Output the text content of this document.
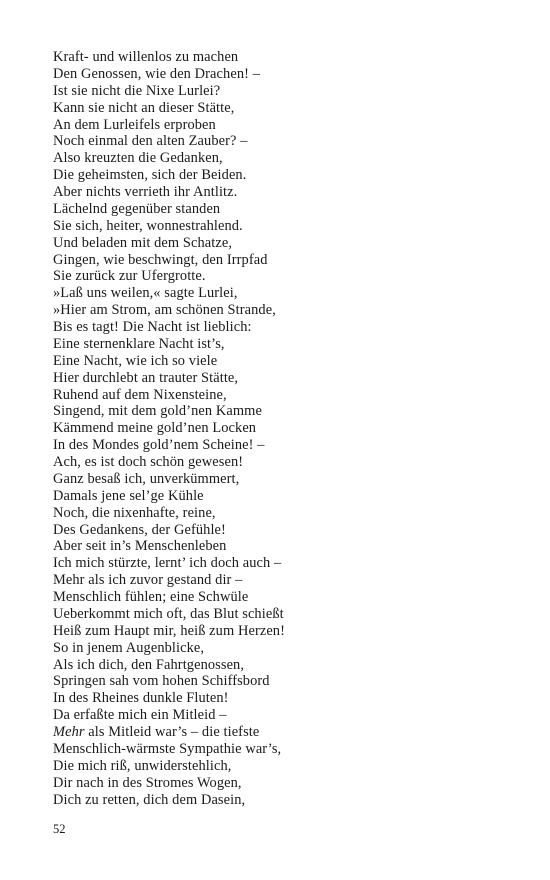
Kraft- und willenlos zu machen
Den Genossen, wie den Drachen! –
Ist sie nicht die Nixe Lurlei?
Kann sie nicht an dieser Stätte,
An dem Lurleifels erproben
Noch einmal den alten Zauber? –
Also kreuzten die Gedanken,
Die geheimsten, sich der Beiden.
Aber nichts verrieth ihr Antlitz.
Lächelnd gegenüber standen
Sie sich, heiter, wonnestrahlend.
Und beladen mit dem Schatze,
Gingen, wie beschwingt, den Irrpfad
Sie zurück zur Ufergrotte.
»Laß uns weilen,« sagte Lurlei,
»Hier am Strom, am schönen Strande,
Bis es tagt! Die Nacht ist lieblich:
Eine sternenklare Nacht ist’s,
Eine Nacht, wie ich so viele
Hier durchlebt an trauter Stätte,
Ruhend auf dem Nixensteine,
Singend, mit dem gold’nen Kamme
Kämmend meine gold’nen Locken
In des Mondes gold’nem Scheine! –
Ach, es ist doch schön gewesen!
Ganz besaß ich, unverkümmert,
Damals jene sel’ge Kühle
Noch, die nixenhafte, reine,
Des Gedankens, der Gefühle!
Aber seit in’s Menschenleben
Ich mich stürzte, lernt’ ich doch auch –
Mehr als ich zuvor gestand dir –
Menschlich fühlen; eine Schwüle
Ueberkommt mich oft, das Blut schießt
Heiß zum Haupt mir, heiß zum Herzen!
So in jenem Augenblicke,
Als ich dich, den Fahrtgenossen,
Springen sah vom hohen Schiffsbord
In des Rheines dunkle Fluten!
Da erfaßte mich ein Mitleid –
Mehr als Mitleid war’s – die tiefste
Menschlich-wärmste Sympathie war’s,
Die mich riß, unwiderstehlich,
Dir nach in des Stromes Wogen,
Dich zu retten, dich dem Dasein,
52
